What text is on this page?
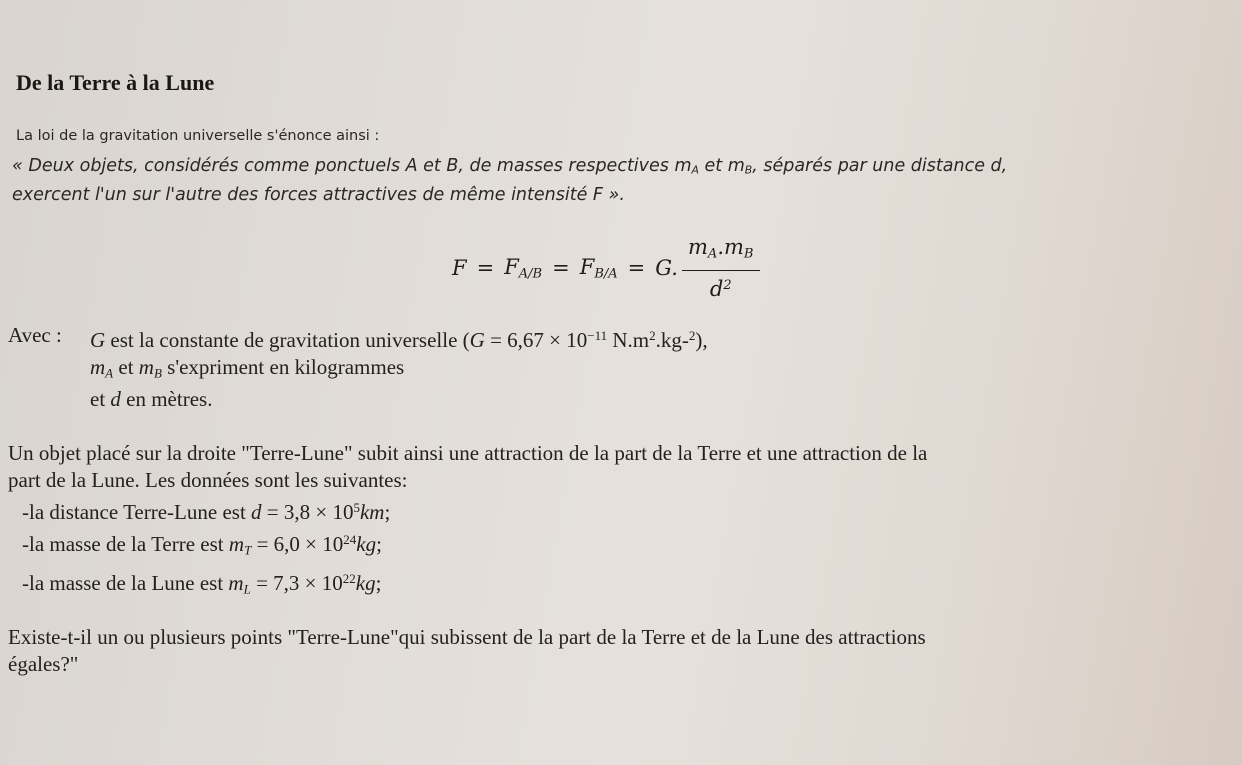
De la Terre à la Lune
La loi de la gravitation universelle s'énonce ainsi :
« Deux objets, considérés comme ponctuels A et B, de masses respectives $m_A$ et $m_B$, séparés par une distance d,
exercent l'un sur l'autre des forces attractives de même intensité F ».
$F = F_{A/B} = F_{B/A} = G$. $\frac{m_A.m_B}{d^2}$
Avec : G est la constante de gravitation universelle ($G = 6,67 \times 10^{-11}$ $N.m^2.kg-^2$),
$m_A$ et $m_B$ s'expriment en kilogrammes
et d en mètres.
Un objet placé sur la droite "Terre-Lune" subit ainsi une attraction de la part de la Terre et une attraction de la
part de la Lune. Les données sont les suivantes:
-la distance Terre-Lune est $d = 3,8 \times 10^5km$;
-la masse de la Terre est $m_T = 6,0 \times 10^{24}kg$;
-la masse de la Lune est $m_L = 7,3 \times 10^{22}kg$;
Existe-t-il un ou plusieurs points "Terre-Lune"qui subissent de la part de la Terre et de la Lune des attractions
égales?"
